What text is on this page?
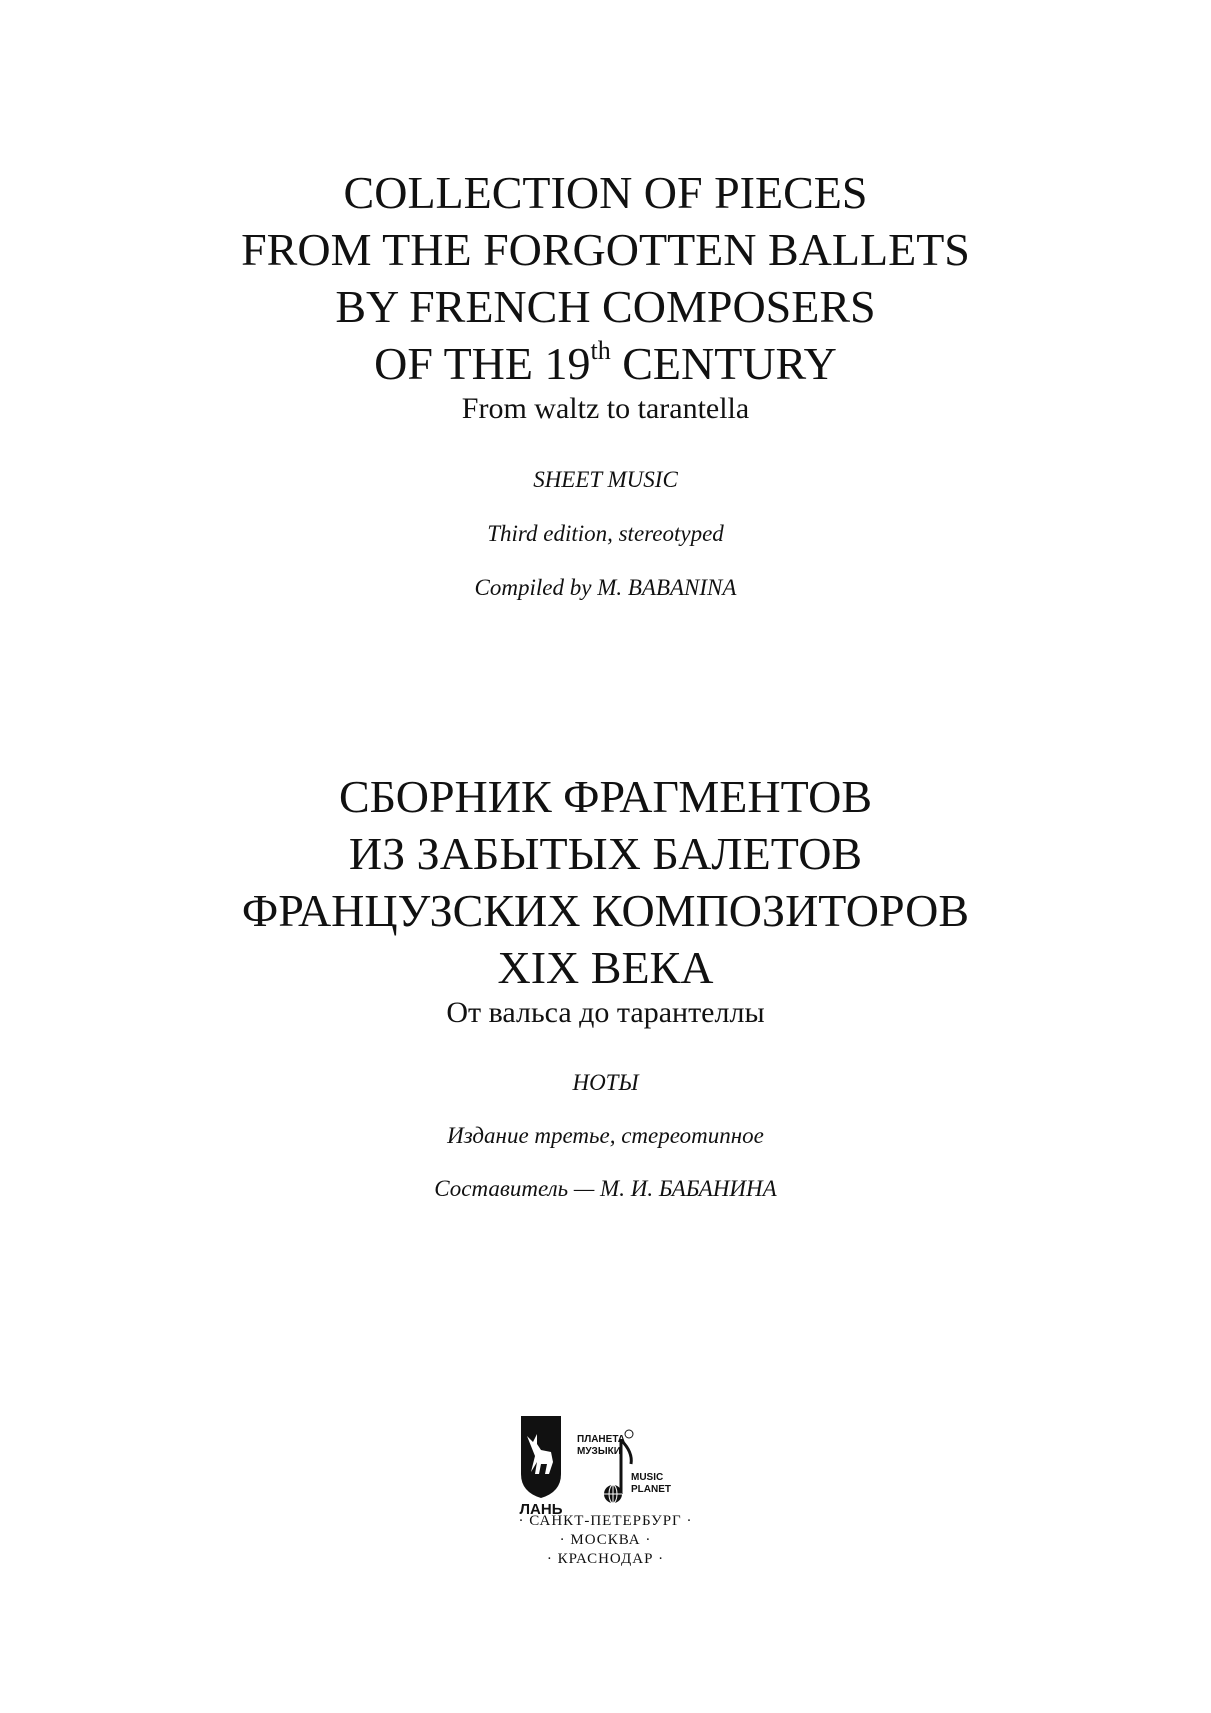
COLLECTION OF PIECES

FROM THE FORGOTTEN BALLETS

BY FRENCH COMPOSERS

OF THE 19th CENTURY

From waltz to tarantella

SHEET MUSIC

Third edition, stereotyped

Compiled by M. BABANINA

СБОРНИК ФРАГМЕНТОВ

ИЗ ЗАБЫТЫХ БАЛЕТОВ

ФРАНЦУЗСКИХ КОМПОЗИТОРОВ

XIX ВЕКА

От вальса до тарантеллы

НОТЫ

Издание третье, стереотипное

Составитель — М. И. БАБАНИНА

ЛАНЬ
ПЛАНЕТА
МУЗЫКИ
MUSIC
PLANET

· САНКТ-ПЕТЕРБУРГ ·

· МОСКВА ·

· КРАСНОДАР ·
